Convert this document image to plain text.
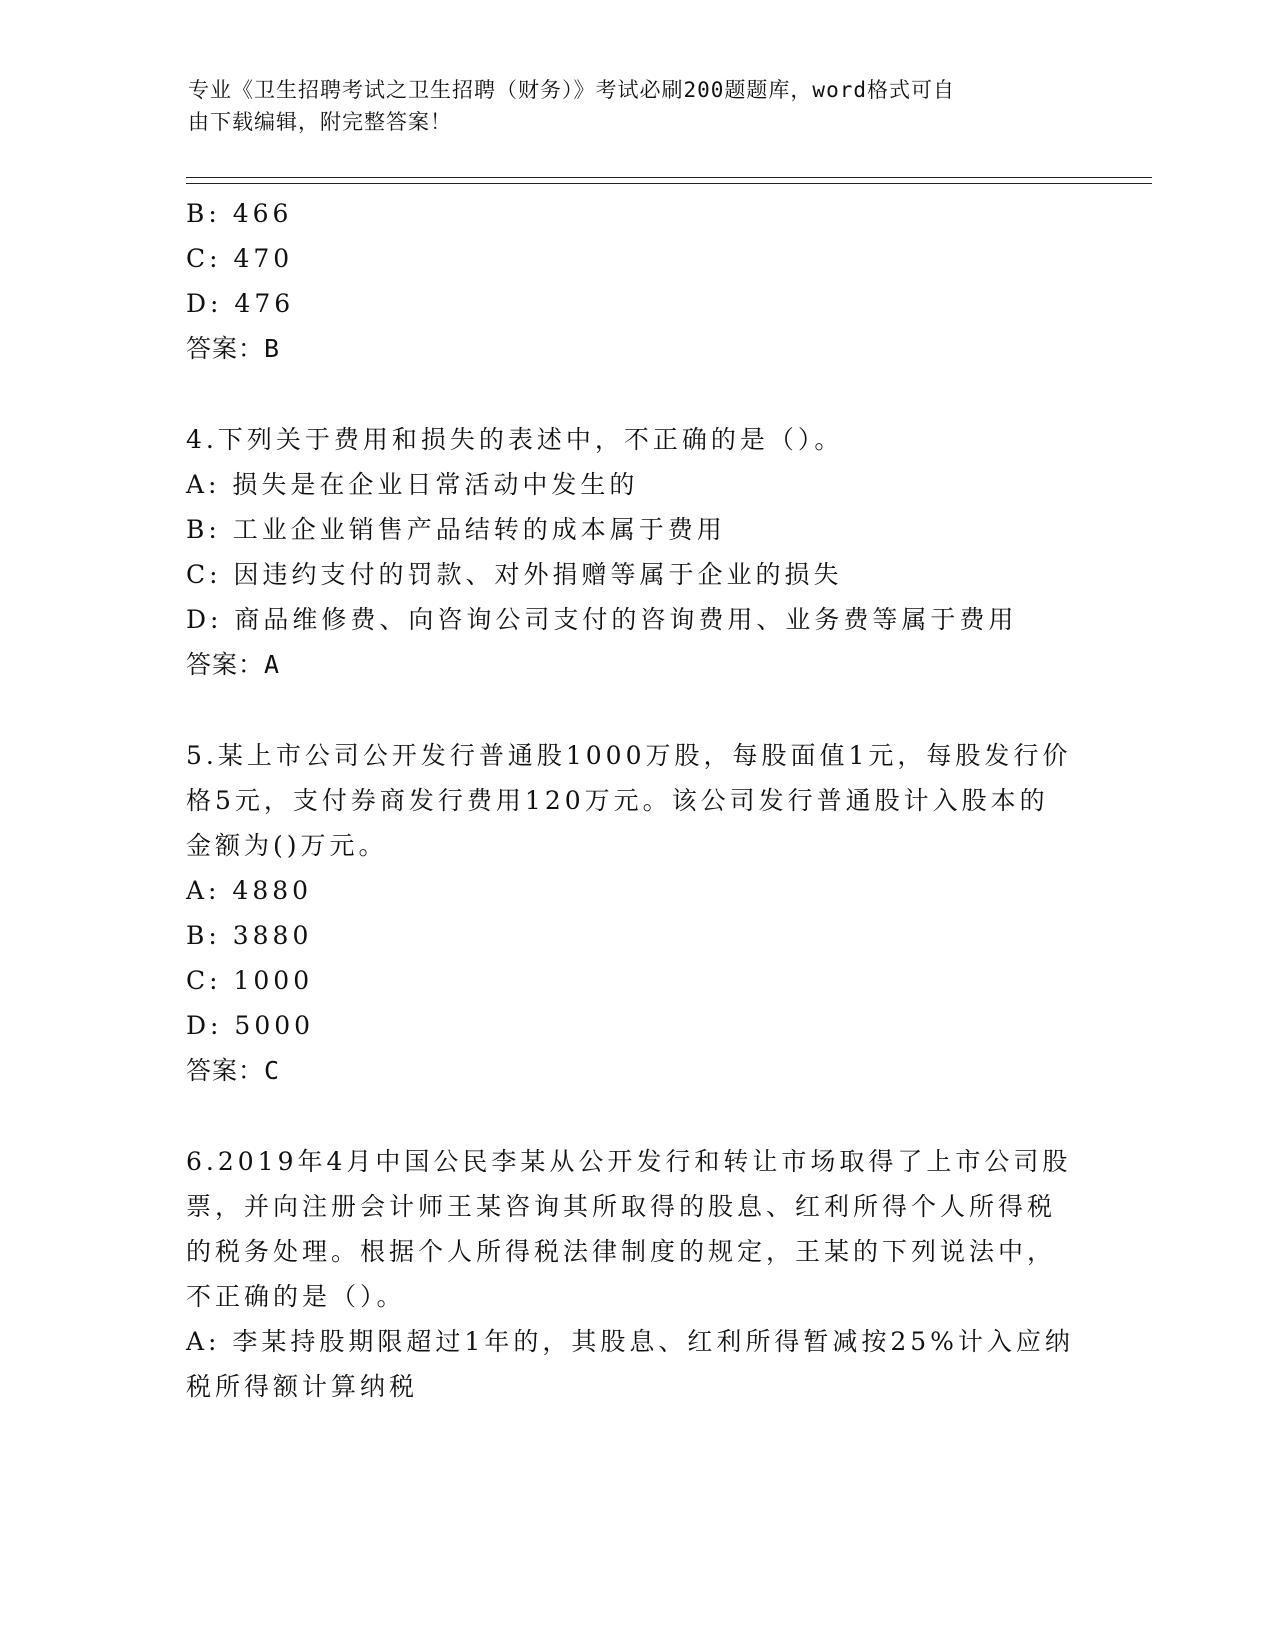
专业《卫生招聘考试之卫生招聘（财务）》考试必刷200题题库，word格式可自
由下载编辑，附完整答案！
B: 466
C: 470
D: 476
答案：B
4.下列关于费用和损失的表述中，不正确的是（）。
A: 损失是在企业日常活动中发生的
B: 工业企业销售产品结转的成本属于费用
C: 因违约支付的罚款、对外捐赠等属于企业的损失
D: 商品维修费、向咨询公司支付的咨询费用、业务费等属于费用
答案：A
5.某上市公司公开发行普通股1000万股，每股面值1元，每股发行价
格5元，支付券商发行费用120万元。该公司发行普通股计入股本的
金额为()万元。
A: 4880
B: 3880
C: 1000
D: 5000
答案：C
6.2019年4月中国公民李某从公开发行和转让市场取得了上市公司股
票，并向注册会计师王某咨询其所取得的股息、红利所得个人所得税
的税务处理。根据个人所得税法律制度的规定，王某的下列说法中，
不正确的是（）。
A: 李某持股期限超过1年的，其股息、红利所得暂减按25%计入应纳
税所得额计算纳税
